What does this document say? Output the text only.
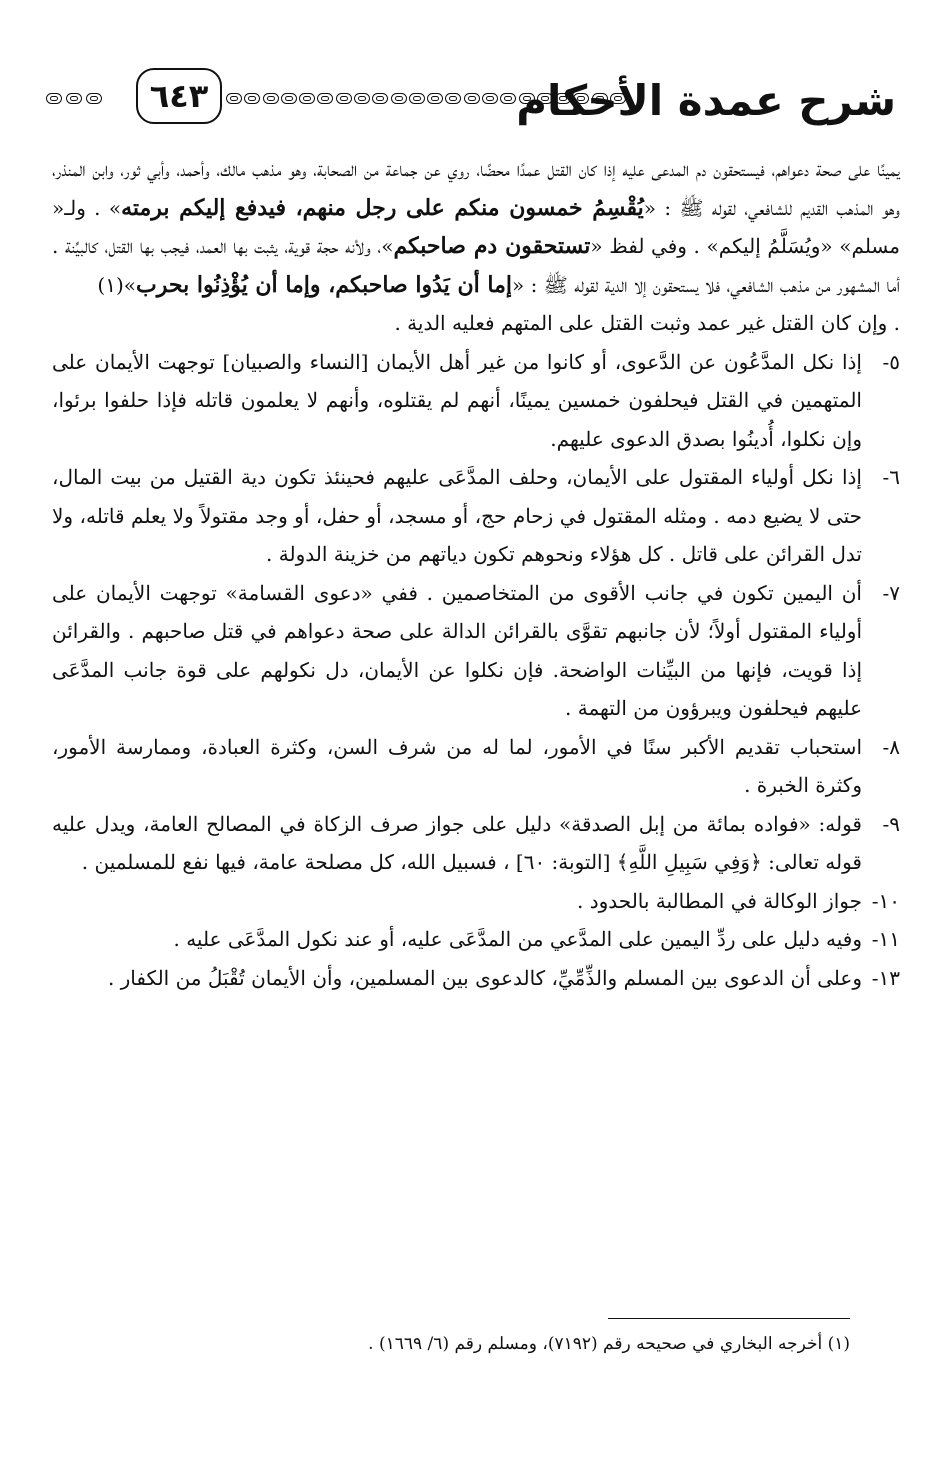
٦٤٣	شرح عمدة الأحكام

يمينًا على صحة دعواهم، فيستحقون دم المدعى عليه إذا كان القتل عمدًا محضًا، روي عن جماعة من الصحابة، وهو مذهب مالك، وأحمد، وأبي ثور، وابن المنذر، وهو المذهب القديم للشافعي، لقوله ﷺ : «يُقْسِمُ خمسون منكم على رجل منهم، فيدفع إليكم برمته» . ولـ« مسلم» «ويُسَلَّمُ إليكم» . وفي لفظ «تستحقون دم صاحبكم»، ولأنه حجة قوية، يثبت بها العمد، فيجب بها القتل، كالبيِّنة . أما المشهور من مذهب الشافعي، فلا يستحقون إلا الدية لقوله ﷺ : «إما أن يَدُوا صاحبكم، وإما أن يُؤْذِنُوا بحرب»(١)

. وإن كان القتل غير عمد وثبت القتل على المتهم فعليه الدية .

٥-
إذا نكل المدَّعُون عن الدَّعوى، أو كانوا من غير أهل الأيمان [النساء والصبيان] توجهت الأيمان على المتهمين في القتل فيحلفون خمسين يمينًا، أنهم لم يقتلوه، وأنهم لا يعلمون قاتله فإذا حلفوا برئوا، وإن نكلوا، أُدينُوا بصدق الدعوى عليهم.
٦-
إذا نكل أولياء المقتول على الأيمان، وحلف المدَّعَى عليهم فحينئذ تكون دية القتيل من بيت المال، حتى لا يضيع دمه . ومثله المقتول في زحام حج، أو مسجد، أو حفل، أو وجد مقتولاً ولا يعلم قاتله، ولا تدل القرائن على قاتل . كل هؤلاء ونحوهم تكون دياتهم من خزينة الدولة .
٧-
أن اليمين تكون في جانب الأقوى من المتخاصمين . ففي «دعوى القسامة» توجهت الأيمان على أولياء المقتول أولاً؛ لأن جانبهم تقوَّى بالقرائن الدالة على صحة دعواهم في قتل صاحبهم . والقرائن إذا قويت، فإنها من البيِّنات الواضحة. فإن نكلوا عن الأيمان، دل نكولهم على قوة جانب المدَّعَى عليهم فيحلفون ويبرؤون من التهمة .
٨-
استحباب تقديم الأكبر سنًا في الأمور، لما له من شرف السن، وكثرة العبادة، وممارسة الأمور، وكثرة الخبرة .
٩-
قوله: «فواده بمائة من إبل الصدقة» دليل على جواز صرف الزكاة في المصالح العامة، ويدل عليه قوله تعالى: ﴿وَفِي سَبِيلِ اللَّهِ﴾ [التوبة: ٦٠] ، فسبيل الله، كل مصلحة عامة، فيها نفع للمسلمين .
١٠-
جواز الوكالة في المطالبة بالحدود .
١١-
وفيه دليل على ردِّ اليمين على المدَّعي من المدَّعَى عليه، أو عند نكول المدَّعَى عليه .
١٣-
وعلى أن الدعوى بين المسلم والذِّمِّيِّ، كالدعوى بين المسلمين، وأن الأيمان تُقْبَلُ من الكفار .
(١) أخرجه البخاري في صحيحه رقم (٧١٩٢)، ومسلم رقم (٦/ ١٦٦٩) .
